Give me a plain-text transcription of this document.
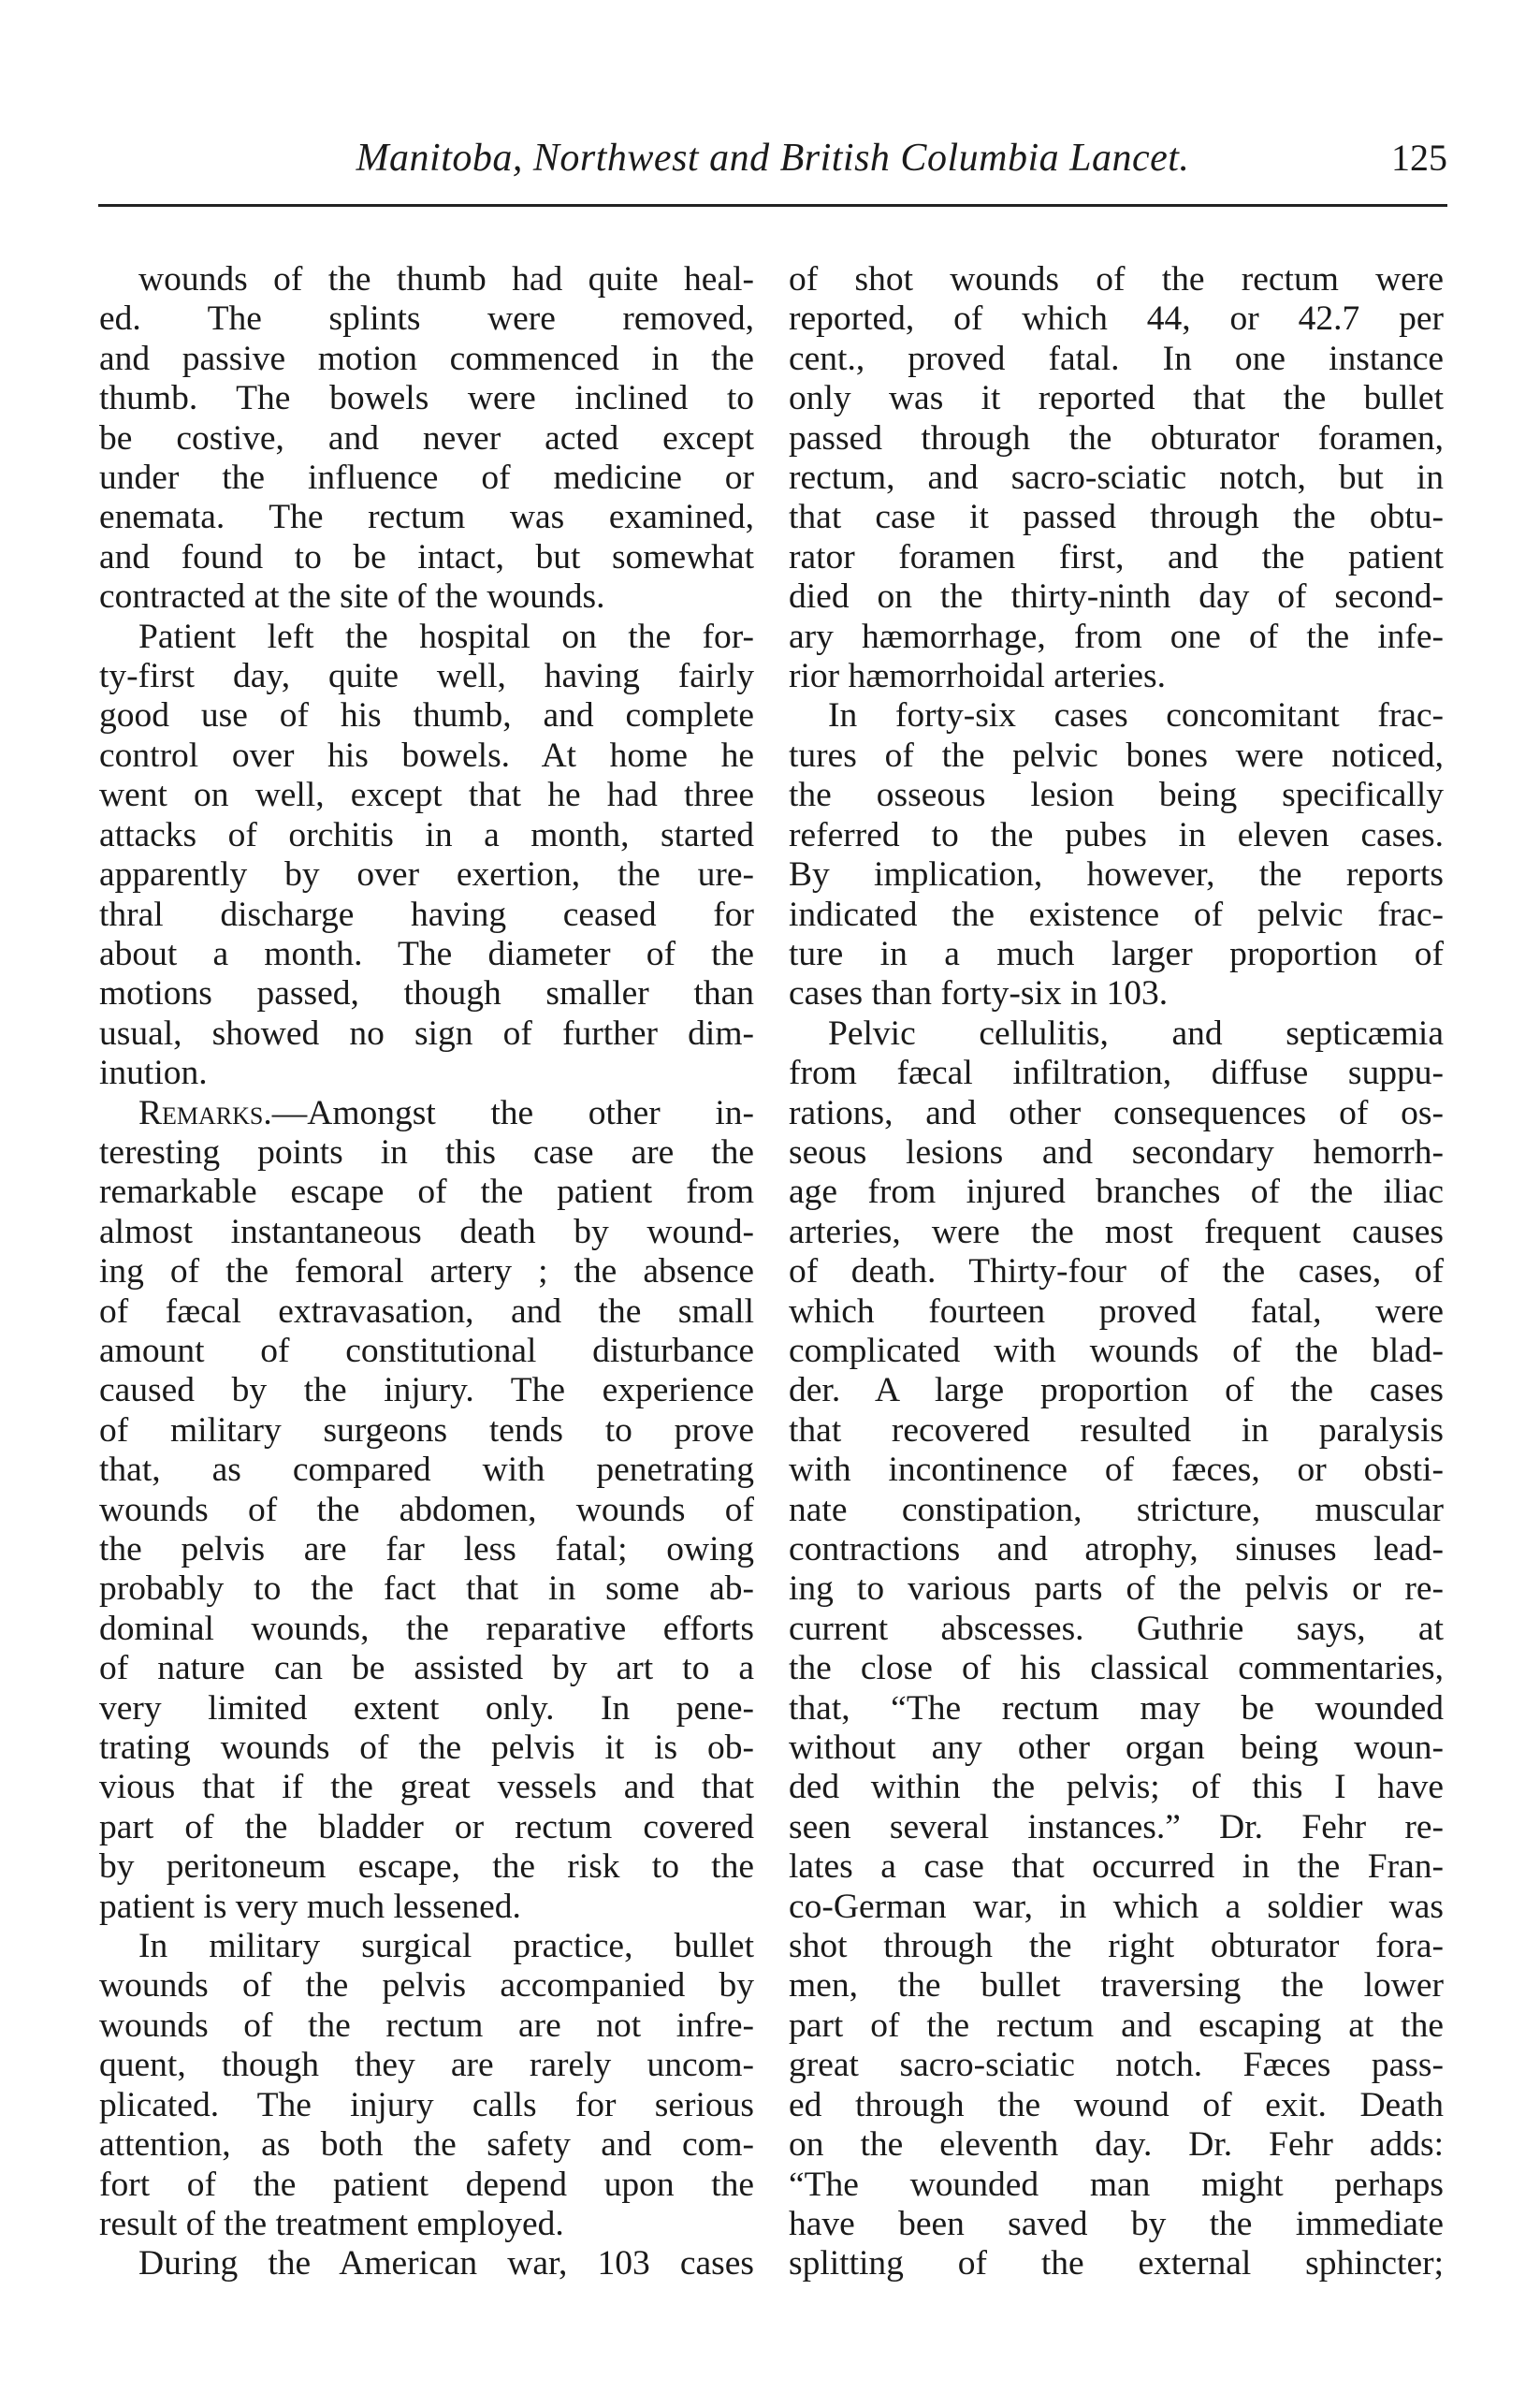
Manitoba, Northwest and British Columbia Lancet.	125

wounds of the thumb had quite heal-
ed. The splints were removed,
and passive motion commenced in the
thumb. The bowels were inclined to
be costive, and never acted except
under the influence of medicine or
enemata. The rectum was examined,
and found to be intact, but somewhat
contracted at the site of the wounds.

Patient left the hospital on the for-
ty-first day, quite well, having fairly
good use of his thumb, and complete
control over his bowels. At home he
went on well, except that he had three
attacks of orchitis in a month, started
apparently by over exertion, the ure-
thral discharge having ceased for
about a month. The diameter of the
motions passed, though smaller than
usual, showed no sign of further dim-
inution.

Remarks.—Amongst the other in-
teresting points in this case are the
remarkable escape of the patient from
almost instantaneous death by wound-
ing of the femoral artery ; the absence
of fæcal extravasation, and the small
amount of constitutional disturbance
caused by the injury. The experience
of military surgeons tends to prove
that, as compared with penetrating
wounds of the abdomen, wounds of
the pelvis are far less fatal; owing
probably to the fact that in some ab-
dominal wounds, the reparative efforts
of nature can be assisted by art to a
very limited extent only. In pene-
trating wounds of the pelvis it is ob-
vious that if the great vessels and that
part of the bladder or rectum covered
by peritoneum escape, the risk to the
patient is very much lessened.

In military surgical practice, bullet
wounds of the pelvis accompanied by
wounds of the rectum are not infre-
quent, though they are rarely uncom-
plicated. The injury calls for serious
attention, as both the safety and com-
fort of the patient depend upon the
result of the treatment employed.

During the American war, 103 cases

of shot wounds of the rectum were
reported, of which 44, or 42.7 per
cent., proved fatal. In one instance
only was it reported that the bullet
passed through the obturator foramen,
rectum, and sacro-sciatic notch, but in
that case it passed through the obtu-
rator foramen first, and the patient
died on the thirty-ninth day of second-
ary hæmorrhage, from one of the infe-
rior hæmorrhoidal arteries.

In forty-six cases concomitant frac-
tures of the pelvic bones were noticed,
the osseous lesion being specifically
referred to the pubes in eleven cases.
By implication, however, the reports
indicated the existence of pelvic frac-
ture in a much larger proportion of
cases than forty-six in 103.

Pelvic cellulitis, and septicæmia
from fæcal infiltration, diffuse suppu-
rations, and other consequences of os-
seous lesions and secondary hemorrh-
age from injured branches of the iliac
arteries, were the most frequent causes
of death. Thirty-four of the cases, of
which fourteen proved fatal, were
complicated with wounds of the blad-
der. A large proportion of the cases
that recovered resulted in paralysis
with incontinence of fæces, or obsti-
nate constipation, stricture, muscular
contractions and atrophy, sinuses lead-
ing to various parts of the pelvis or re-
current abscesses. Guthrie says, at
the close of his classical commentaries,
that, “The rectum may be wounded
without any other organ being woun-
ded within the pelvis; of this I have
seen several instances.” Dr. Fehr re-
lates a case that occurred in the Fran-
co-German war, in which a soldier was
shot through the right obturator fora-
men, the bullet traversing the lower
part of the rectum and escaping at the
great sacro-sciatic notch. Fæces pass-
ed through the wound of exit. Death
on the eleventh day. Dr. Fehr adds:
“The wounded man might perhaps
have been saved by the immediate
splitting of the external sphincter;
